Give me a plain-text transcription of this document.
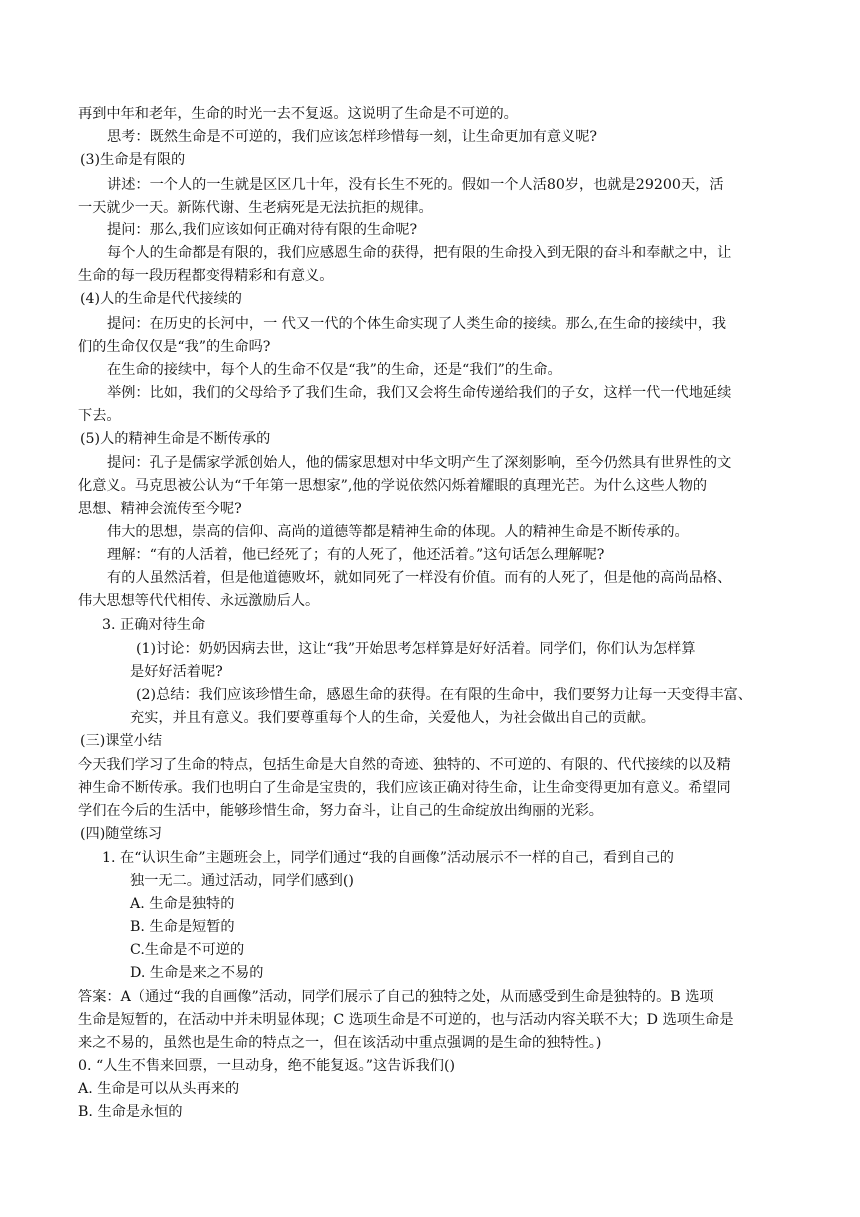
再到中年和老年，生命的时光一去不复返。这说明了生命是不可逆的。
思考：既然生命是不可逆的，我们应该怎样珍惜每一刻，让生命更加有意义呢?
(3)生命是有限的
讲述：一个人的一生就是区区几十年，没有长生不死的。假如一个人活80岁，也就是29200天，活
一天就少一天。新陈代谢、生老病死是无法抗拒的规律。
提问：那么,我们应该如何正确对待有限的生命呢?
每个人的生命都是有限的，我们应感恩生命的获得，把有限的生命投入到无限的奋斗和奉献之中，让
生命的每一段历程都变得精彩和有意义。
(4)人的生命是代代接续的
提问：在历史的长河中，一 代又一代的个体生命实现了人类生命的接续。那么,在生命的接续中，我
们的生命仅仅是“我”的生命吗?
在生命的接续中，每个人的生命不仅是“我”的生命，还是“我们”的生命。
举例：比如，我们的父母给予了我们生命，我们又会将生命传递给我们的子女，这样一代一代地延续
下去。
(5)人的精神生命是不断传承的
提问：孔子是儒家学派创始人，他的儒家思想对中华文明产生了深刻影响，至今仍然具有世界性的文
化意义。马克思被公认为“千年第一思想家”,他的学说依然闪烁着耀眼的真理光芒。为什么这些人物的
思想、精神会流传至今呢?
伟大的思想，崇高的信仰、高尚的道德等都是精神生命的体现。人的精神生命是不断传承的。
理解：“有的人活着，他已经死了；有的人死了，他还活着。”这句话怎么理解呢?
有的人虽然活着，但是他道德败坏，就如同死了一样没有价值。而有的人死了，但是他的高尚品格、
伟大思想等代代相传、永远激励后人。
3. 正确对待生命
(1)讨论：奶奶因病去世，这让“我”开始思考怎样算是好好活着。同学们，你们认为怎样算
是好好活着呢?
(2)总结：我们应该珍惜生命，感恩生命的获得。在有限的生命中，我们要努力让每一天变得丰富、
充实，并且有意义。我们要尊重每个人的生命，关爱他人，为社会做出自己的贡献。
(三)课堂小结
今天我们学习了生命的特点，包括生命是大自然的奇迹、独特的、不可逆的、有限的、代代接续的以及精
神生命不断传承。我们也明白了生命是宝贵的，我们应该正确对待生命，让生命变得更加有意义。希望同
学们在今后的生活中，能够珍惜生命，努力奋斗，让自己的生命绽放出绚丽的光彩。
(四)随堂练习
1. 在“认识生命”主题班会上，同学们通过“我的自画像”活动展示不一样的自己，看到自己的
独一无二。通过活动，同学们感到()
A. 生命是独特的
B. 生命是短暂的
C.生命是不可逆的
D. 生命是来之不易的
答案：A（通过“我的自画像”活动，同学们展示了自己的独特之处，从而感受到生命是独特的。B 选项
生命是短暂的，在活动中并未明显体现；C 选项生命是不可逆的，也与活动内容关联不大；D 选项生命是
来之不易的，虽然也是生命的特点之一，但在该活动中重点强调的是生命的独特性。)
0. “人生不售来回票，一旦动身，绝不能复返。”这告诉我们()
A. 生命是可以从头再来的
B. 生命是永恒的
